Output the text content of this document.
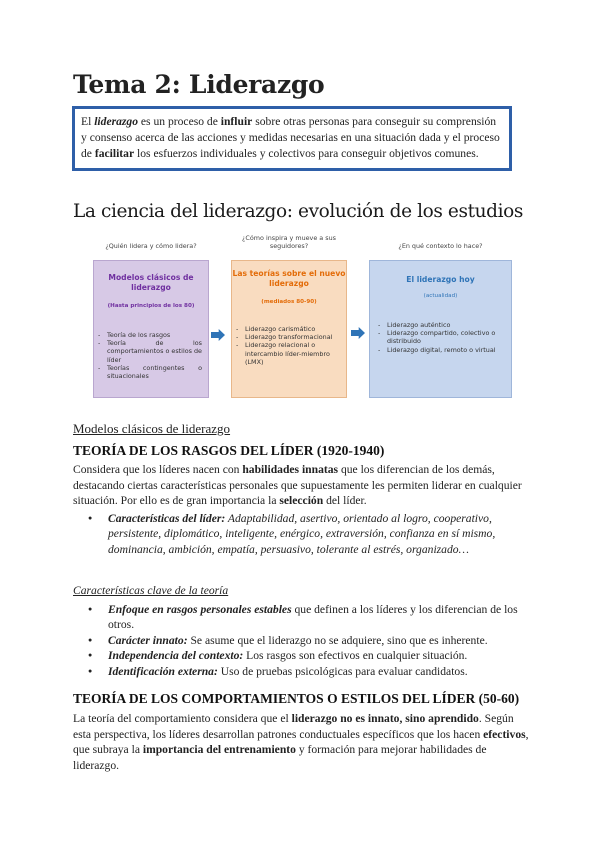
Tema 2: Liderazgo
El liderazgo es un proceso de influir sobre otras personas para conseguir su comprensión y consenso acerca de las acciones y medidas necesarias en una situación dada y el proceso de facilitar los esfuerzos individuales y colectivos para conseguir objetivos comunes.
La ciencia del liderazgo: evolución de los estudios
¿Quién lidera y cómo lidera?
¿Cómo inspira y mueve a sus seguidores?	¿En qué contexto lo hace?
Modelos clásicos de liderazgo
(Hasta principios de los 80)
- Teoría de los rasgos
- Teoría de los comportamientos o estilos de líder
- Teorías contingentes o situacionales
Las teorías sobre el nuevo liderazgo
(mediados 80-90)
- Liderazgo carismático
- Liderazgo transformacional
- Liderazgo relacional o intercambio líder-miembro (LMX)
El liderazgo hoy
(actualidad)
- Liderazgo auténtico
- Liderazgo compartido, colectivo o distribuido
- Liderazgo digital, remoto o virtual
Modelos clásicos de liderazgo
TEORÍA DE LOS RASGOS DEL LÍDER (1920-1940)

Considera que los líderes nacen con habilidades innatas que los diferencian de los demás, destacando ciertas características personales que supuestamente les permiten liderar en cualquier situación. Por ello es de gran importancia la selección del líder.

● Características del líder: Adaptabilidad, asertivo, orientado al logro, cooperativo, persistente, diplomático, inteligente, enérgico, extraversión, confianza en sí mismo, dominancia, ambición, empatía, persuasivo, tolerante al estrés, organizado…
Características clave de la teoría
● Enfoque en rasgos personales estables que definen a los líderes y los diferencian de los otros.
● Carácter innato: Se asume que el liderazgo no se adquiere, sino que es inherente.
● Independencia del contexto: Los rasgos son efectivos en cualquier situación.
● Identificación externa: Uso de pruebas psicológicas para evaluar candidatos.
TEORÍA DE LOS COMPORTAMIENTOS O ESTILOS DEL LÍDER (50-60)

La teoría del comportamiento considera que el liderazgo no es innato, sino aprendido. Según esta perspectiva, los líderes desarrollan patrones conductuales específicos que los hacen efectivos, que subraya la importancia del entrenamiento y formación para mejorar habilidades de liderazgo.
